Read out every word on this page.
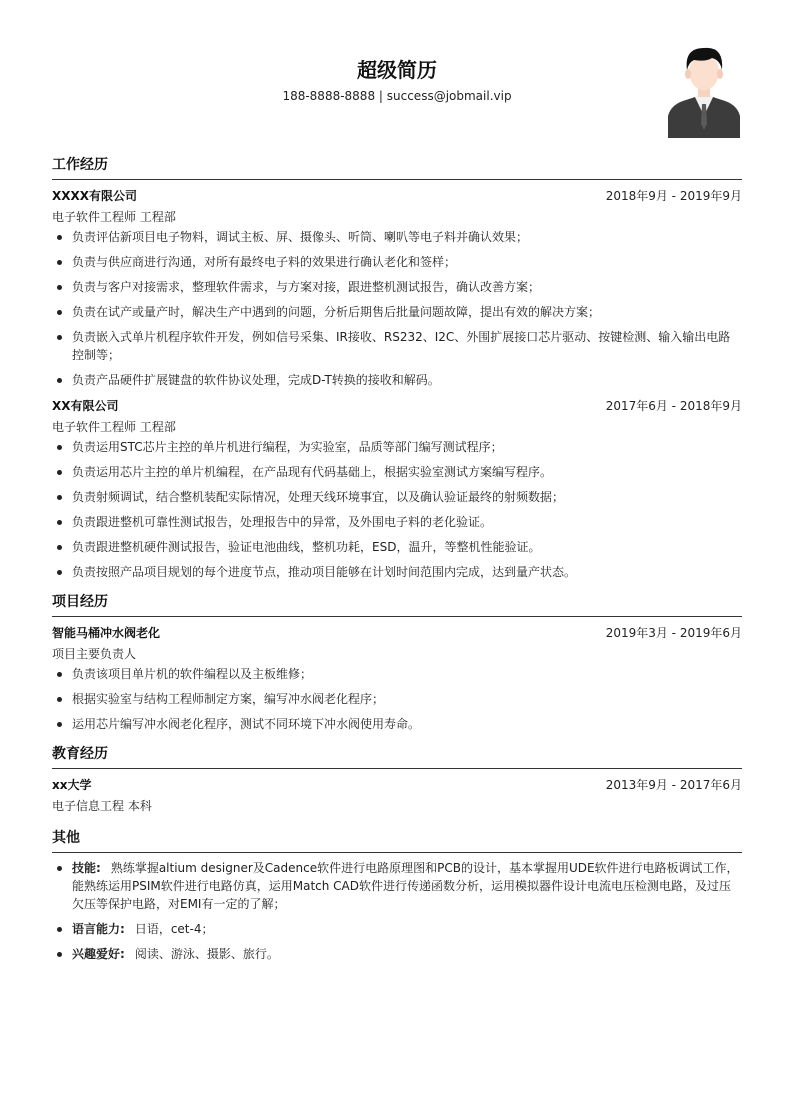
超级简历
188-8888-8888 | success@jobmail.vip
工作经历
XXXX有限公司	2018年9月 - 2019年9月
电子软件工程师 工程部
负责评估新项目电子物料，调试主板、屏、摄像头、听筒、喇叭等电子料并确认效果；
负责与供应商进行沟通，对所有最终电子料的效果进行确认老化和签样；
负责与客户对接需求，整理软件需求，与方案对接，跟进整机测试报告，确认改善方案；
负责在试产或量产时，解决生产中遇到的问题，分析后期售后批量问题故障，提出有效的解决方案；
负责嵌入式单片机程序软件开发，例如信号采集、IR接收、RS232、I2C、外围扩展接口芯片驱动、按键检测、输入输出电路控制等；
负责产品硬件扩展键盘的软件协议处理，完成D-T转换的接收和解码。
XX有限公司	2017年6月 - 2018年9月
电子软件工程师 工程部
负责运用STC芯片主控的单片机进行编程，为实验室，品质等部门编写测试程序；
负责运用芯片主控的单片机编程，在产品现有代码基础上，根据实验室测试方案编写程序。
负责射频调试，结合整机装配实际情况，处理天线环境事宜，以及确认验证最终的射频数据；
负责跟进整机可靠性测试报告，处理报告中的异常，及外围电子料的老化验证。
负责跟进整机硬件测试报告，验证电池曲线，整机功耗，ESD，温升，等整机性能验证。
负责按照产品项目规划的每个进度节点，推动项目能够在计划时间范围内完成，达到量产状态。
项目经历
智能马桶冲水阀老化	2019年3月 - 2019年6月
项目主要负责人
负责该项目单片机的软件编程以及主板维修；
根据实验室与结构工程师制定方案，编写冲水阀老化程序；
运用芯片编写冲水阀老化程序，测试不同环境下冲水阀使用寿命。
教育经历
xx大学	2013年9月 - 2017年6月
电子信息工程 本科
其他
技能: 熟练掌握altium designer及Cadence软件进行电路原理图和PCB的设计，基本掌握用UDE软件进行电路板调试工作，能熟练运用PSIM软件进行电路仿真，运用Match CAD软件进行传递函数分析，运用模拟器件设计电流电压检测电路，及过压欠压等保护电路，对EMI有一定的了解；
语言能力: 日语，cet-4；
兴趣爱好: 阅读、游泳、摄影、旅行。
